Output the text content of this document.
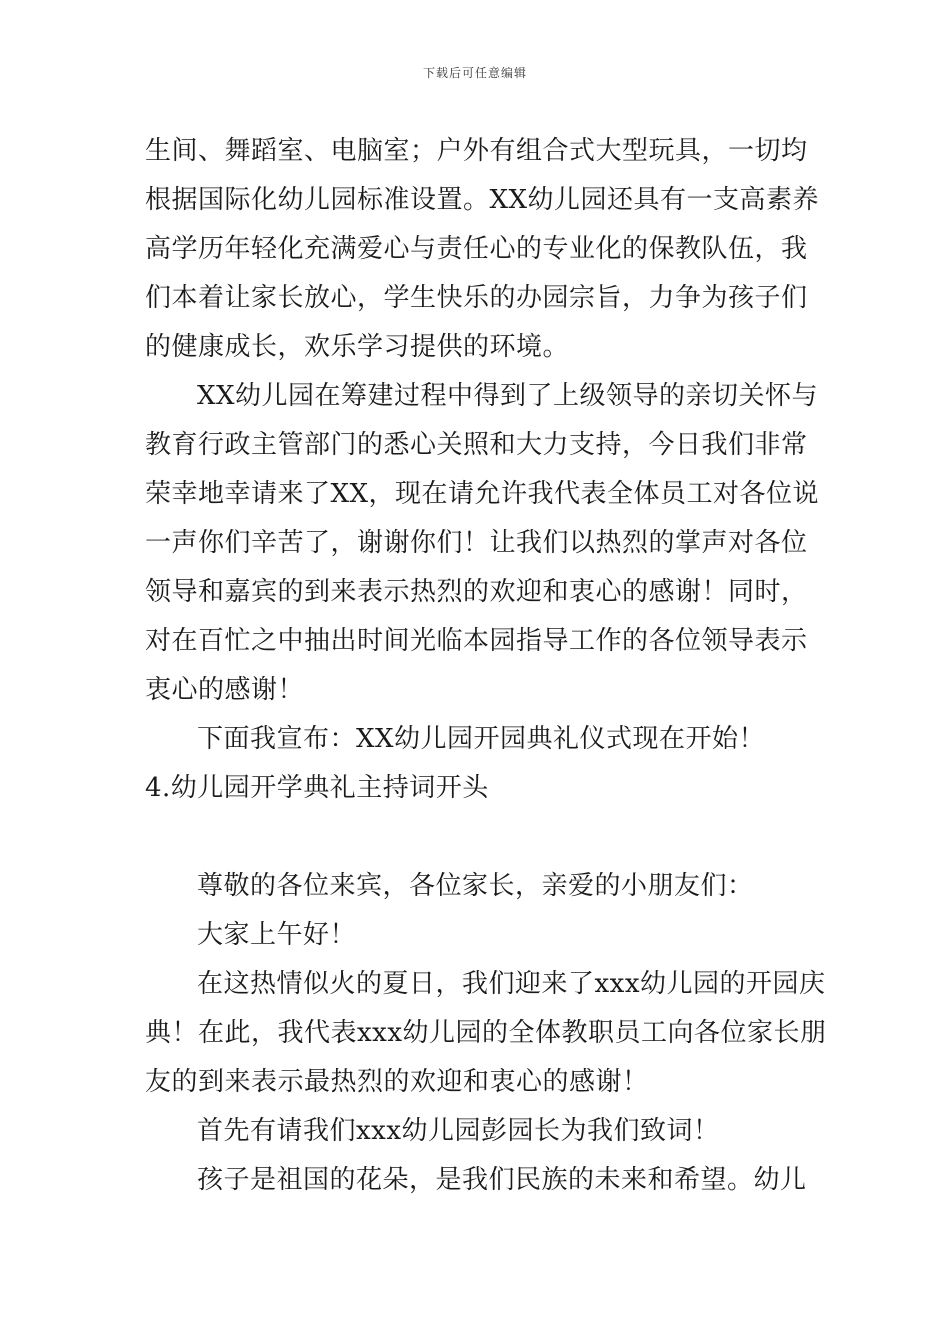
下载后可任意编辑
生间、舞蹈室、电脑室；户外有组合式大型玩具，一切均
根据国际化幼儿园标准设置。XX幼儿园还具有一支高素养
高学历年轻化充满爱心与责任心的专业化的保教队伍，我
们本着让家长放心，学生快乐的办园宗旨，力争为孩子们
的健康成长，欢乐学习提供的环境。
XX幼儿园在筹建过程中得到了上级领导的亲切关怀与
教育行政主管部门的悉心关照和大力支持，今日我们非常
荣幸地幸请来了XX，现在请允许我代表全体员工对各位说
一声你们辛苦了，谢谢你们！让我们以热烈的掌声对各位
领导和嘉宾的到来表示热烈的欢迎和衷心的感谢！同时，
对在百忙之中抽出时间光临本园指导工作的各位领导表示
衷心的感谢！
下面我宣布：XX幼儿园开园典礼仪式现在开始！
4.幼儿园开学典礼主持词开头
尊敬的各位来宾，各位家长，亲爱的小朋友们：
大家上午好！
在这热情似火的夏日，我们迎来了xxx幼儿园的开园庆
典！在此，我代表xxx幼儿园的全体教职员工向各位家长朋
友的到来表示最热烈的欢迎和衷心的感谢！
首先有请我们xxx幼儿园彭园长为我们致词！
孩子是祖国的花朵，是我们民族的未来和希望。幼儿
